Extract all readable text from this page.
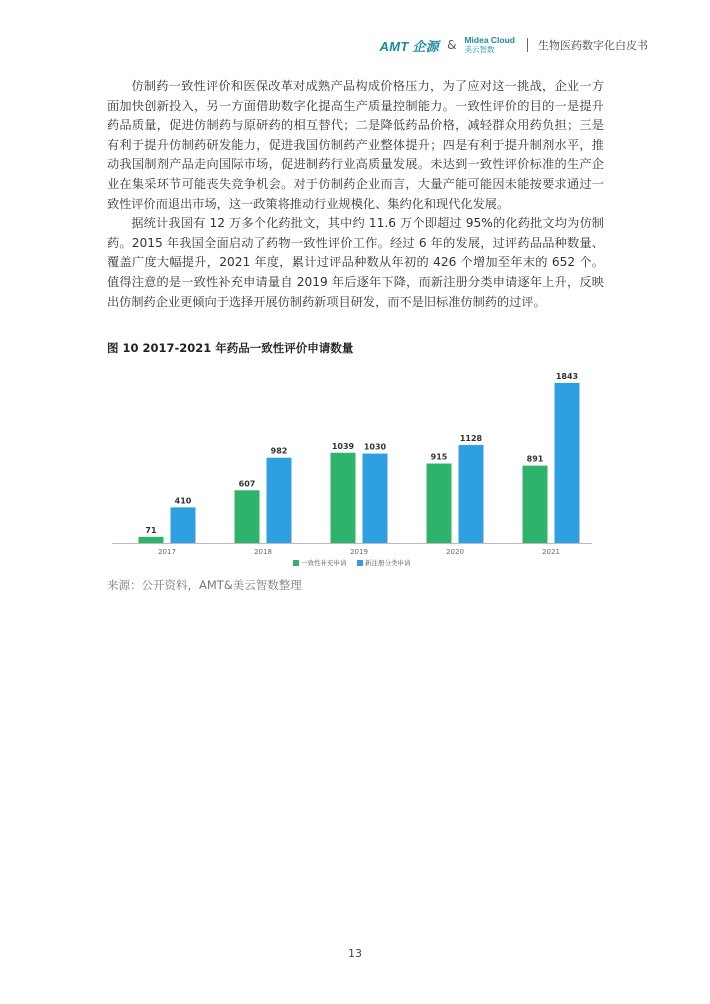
AMT 企源 & Midea Cloud
美云智数	生物医药数字化白皮书

仿制药一致性评价和医保改革对成熟产品构成价格压力，为了应对这一挑战，企业一方面加快创新投入，另一方面借助数字化提高生产质量控制能力。一致性评价的目的一是提升药品质量，促进仿制药与原研药的相互替代；二是降低药品价格，减轻群众用药负担；三是有利于提升仿制药研发能力，促进我国仿制药产业整体提升；四是有利于提升制剂水平，推动我国制剂产品走向国际市场，促进制药行业高质量发展。未达到一致性评价标准的生产企业在集采环节可能丧失竞争机会。对于仿制药企业而言，大量产能可能因未能按要求通过一致性评价而退出市场，这一政策将推动行业规模化、集约化和现代化发展。

据统计我国有 12 万多个化药批文，其中约 11.6 万个即超过 95%的化药批文均为仿制药。2015 年我国全面启动了药物一致性评价工作。经过 6 年的发展，过评药品品种数量、覆盖广度大幅提升，2021 年度，累计过评品种数从年初的 426 个增加至年末的 652 个。值得注意的是一致性补充申请量自 2019 年后逐年下降，而新注册分类申请逐年上升，反映出仿制药企业更倾向于选择开展仿制药新项目研发，而不是旧标准仿制药的过评。

图 10 2017-2021 年药品一致性评价申请数量
71
410
2017
607
982
2018
1039 1030
2019
915
1128
2020
891
1843
2021
一致性补充申请	新注册分类申请
来源：公开资料，AMT&美云智数整理
13
